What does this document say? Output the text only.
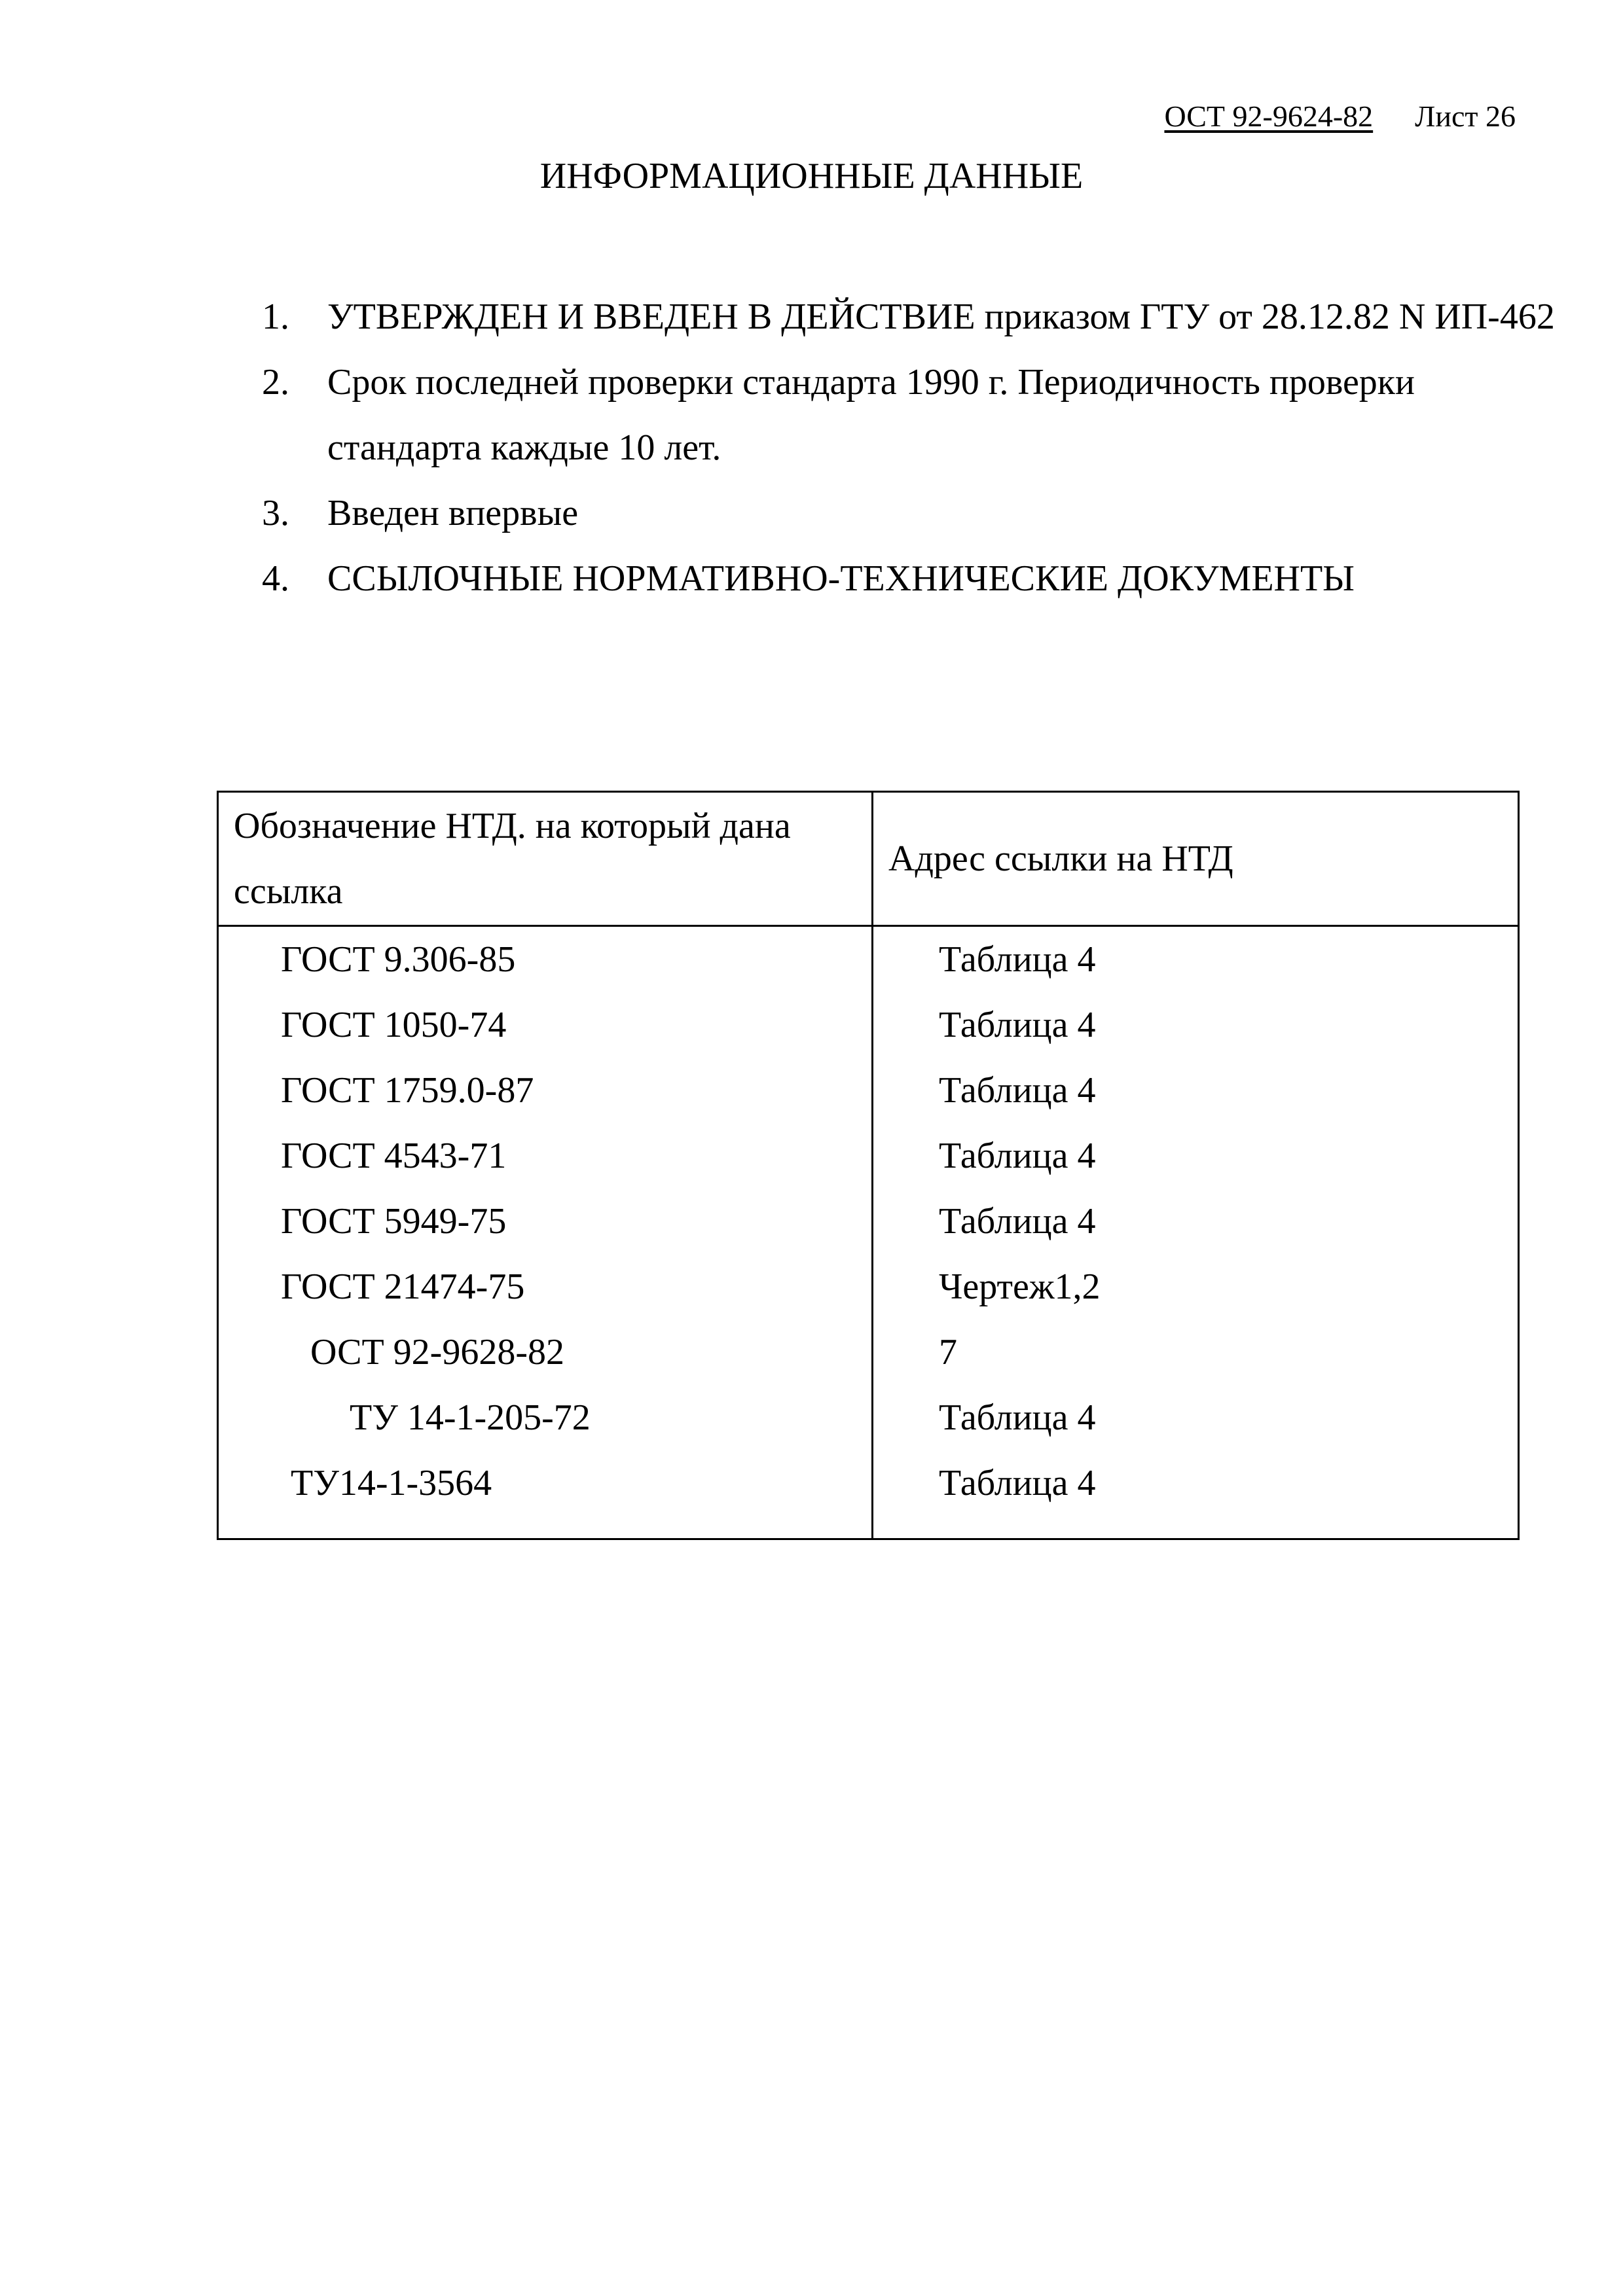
ОСТ 92-9624-82 Лист 26
ИНФОРМАЦИОННЫЕ ДАННЫЕ
1. УТВЕРЖДЕН И ВВЕДЕН В ДЕЙСТВИЕ приказом ГТУ от 28.12.82 N ИП-462
2. Срок последней проверки стандарта 1990 г. Периодичность проверки стандарта каждые 10 лет.
3. Введен впервые
4. ССЫЛОЧНЫЕ НОРМАТИВНО-ТЕХНИЧЕСКИЕ ДОКУМЕНТЫ
Обозначение НТД. на который дана ссылка	Адрес ссылки на НТД

ГОСТ 9.306-85	Таблица 4

ГОСТ 1050-74	Таблица 4

ГОСТ 1759.0-87	Таблица 4

ГОСТ 4543-71	Таблица 4

ГОСТ 5949-75	Таблица 4

ГОСТ 21474-75	Чертеж1,2

ОСТ 92-9628-82	7

ТУ 14-1-205-72	Таблица 4

ТУ14-1-3564	Таблица 4
